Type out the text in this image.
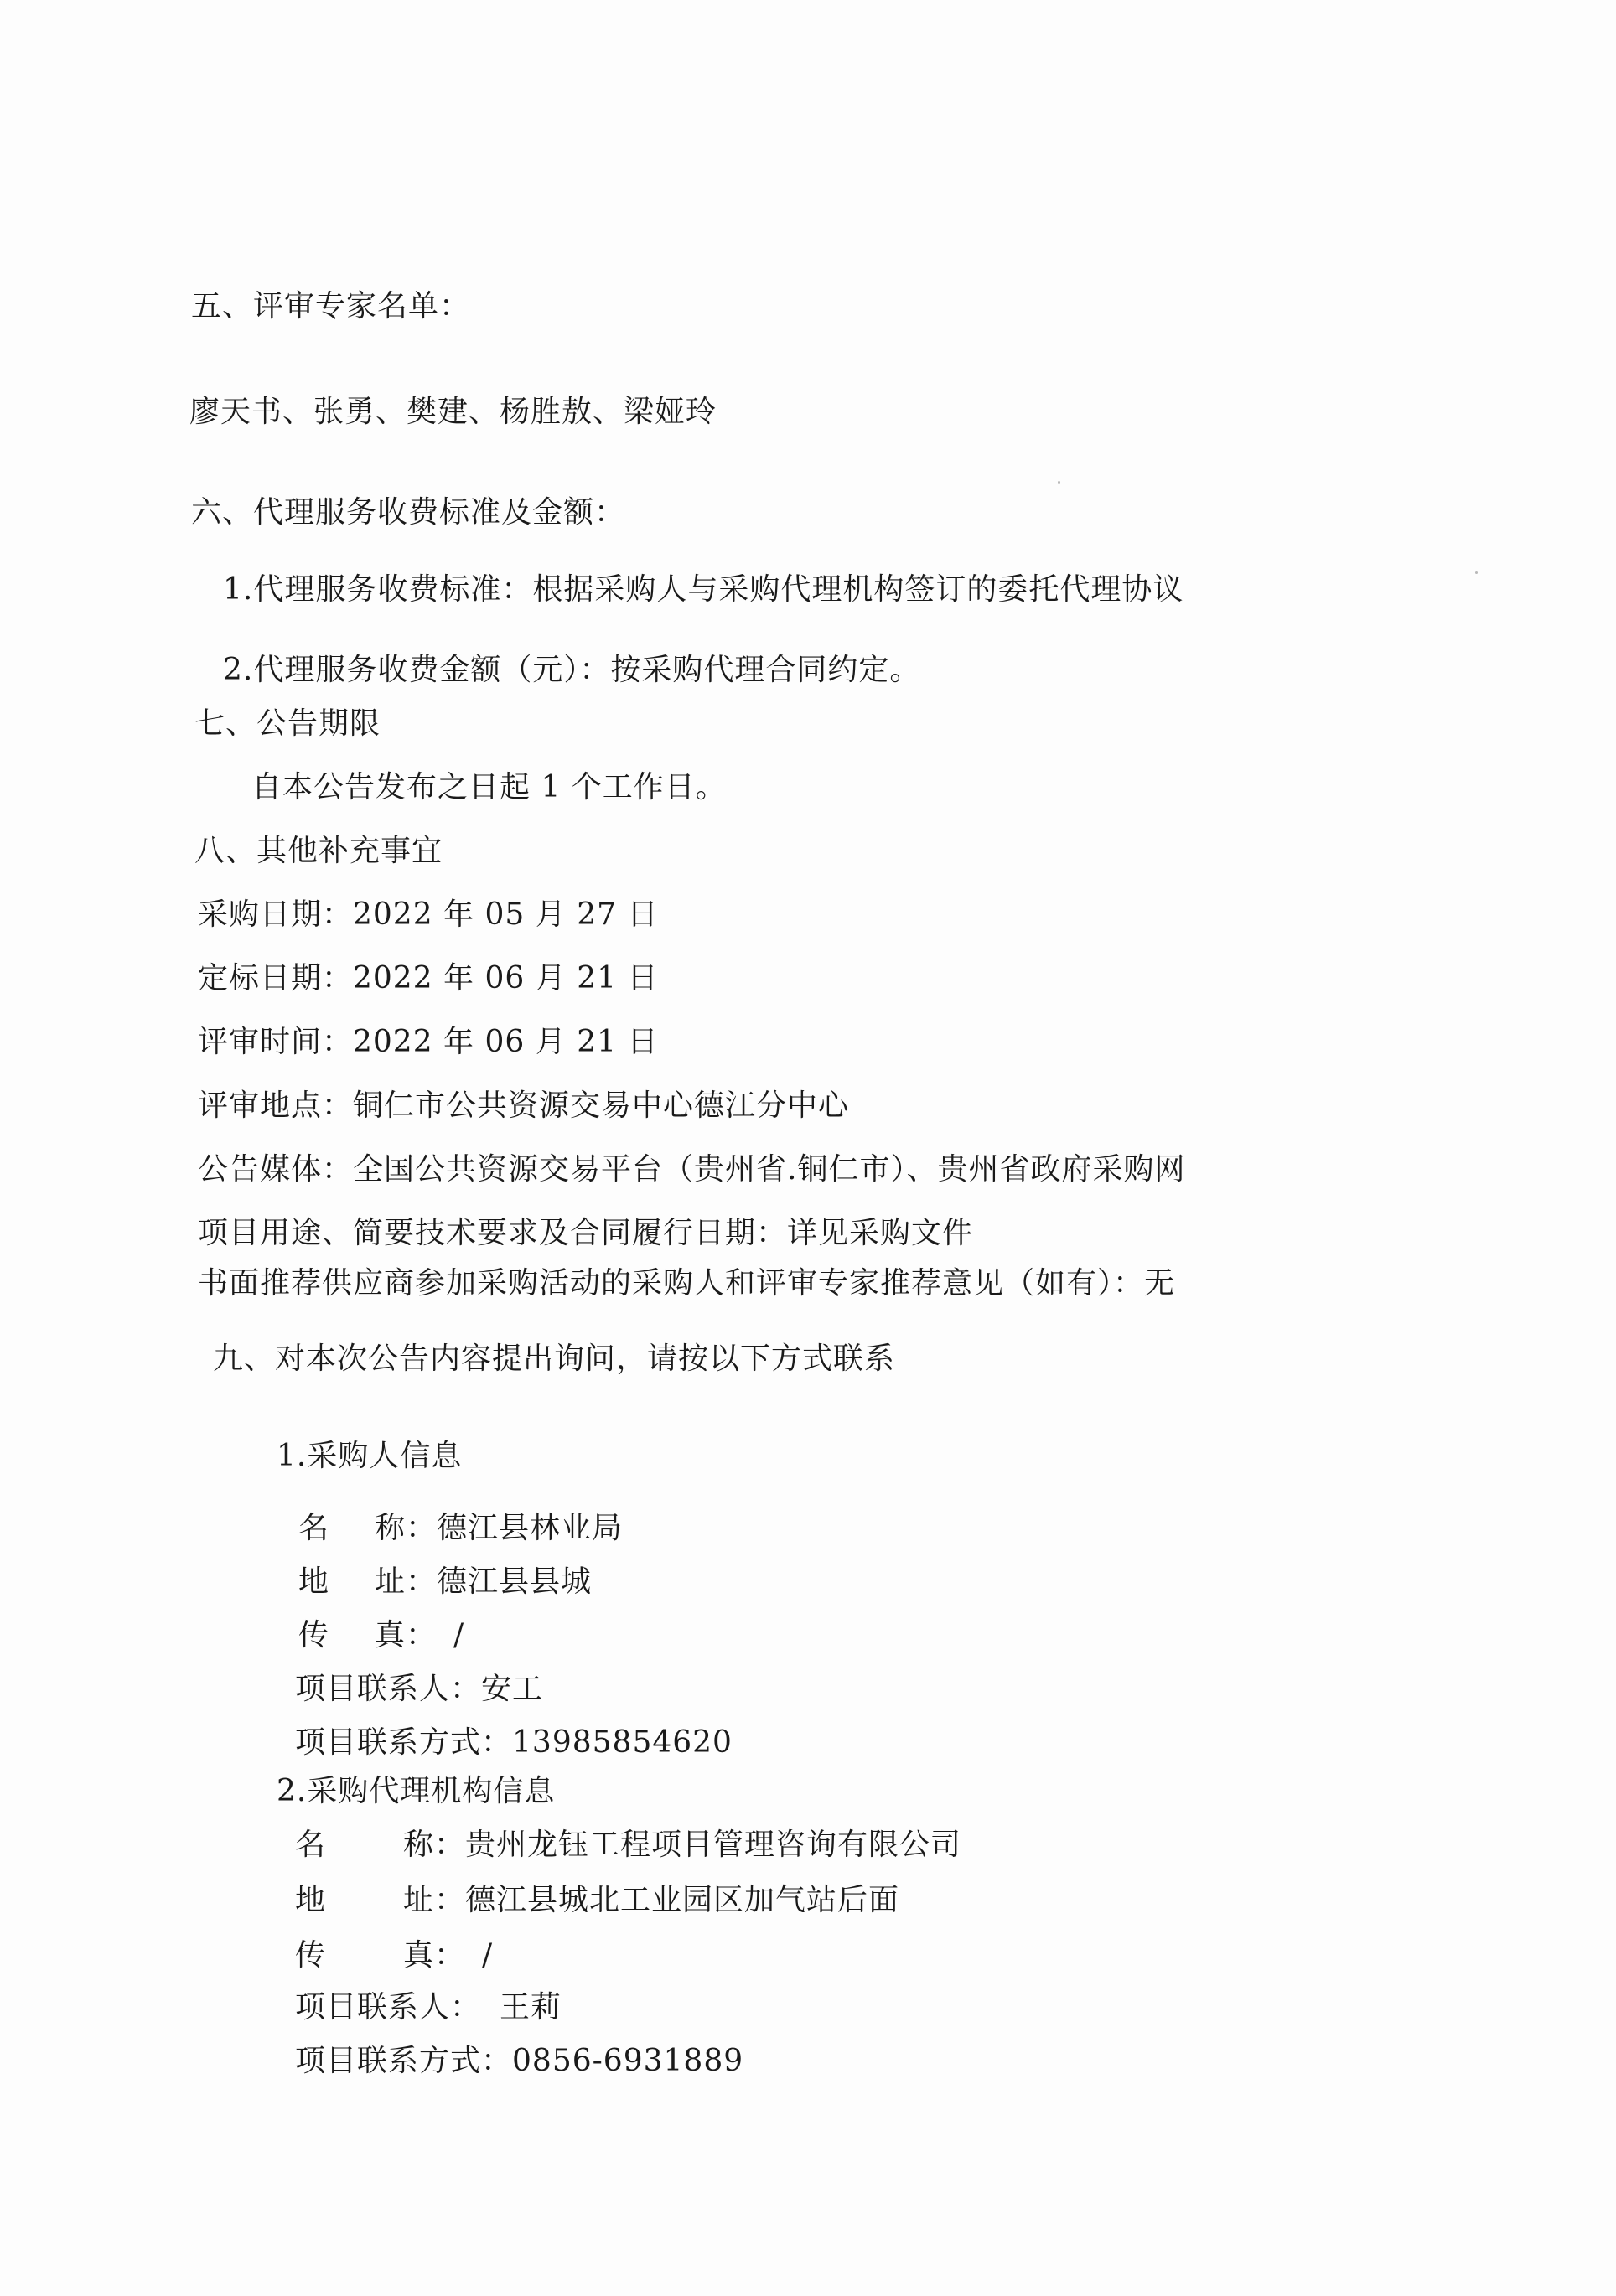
五、评审专家名单：
廖天书、张勇、樊建、杨胜敖、梁娅玲
六、代理服务收费标准及金额：
1.代理服务收费标准：根据采购人与采购代理机构签订的委托代理协议
2.代理服务收费金额（元）：按采购代理合同约定。
七、公告期限
自本公告发布之日起 1 个工作日。
八、其他补充事宜
采购日期：2022 年 05 月 27 日
定标日期：2022 年 06 月 21 日
评审时间：2022 年 06 月 21 日
评审地点：铜仁市公共资源交易中心德江分中心
公告媒体：全国公共资源交易平台（贵州省.铜仁市）、贵州省政府采购网
项目用途、简要技术要求及合同履行日期：详见采购文件
书面推荐供应商参加采购活动的采购人和评审专家推荐意见（如有）：无
九、对本次公告内容提出询问，请按以下方式联系
1.采购人信息
名 称：德江县林业局
地 址：德江县县城
传 真： /
项目联系人：安工
项目联系方式：13985854620
2.采购代理机构信息
名	称：贵州龙钰工程项目管理咨询有限公司
地	址：德江县城北工业园区加气站后面
传	真： /
项目联系人： 王莉
项目联系方式：0856-6931889
